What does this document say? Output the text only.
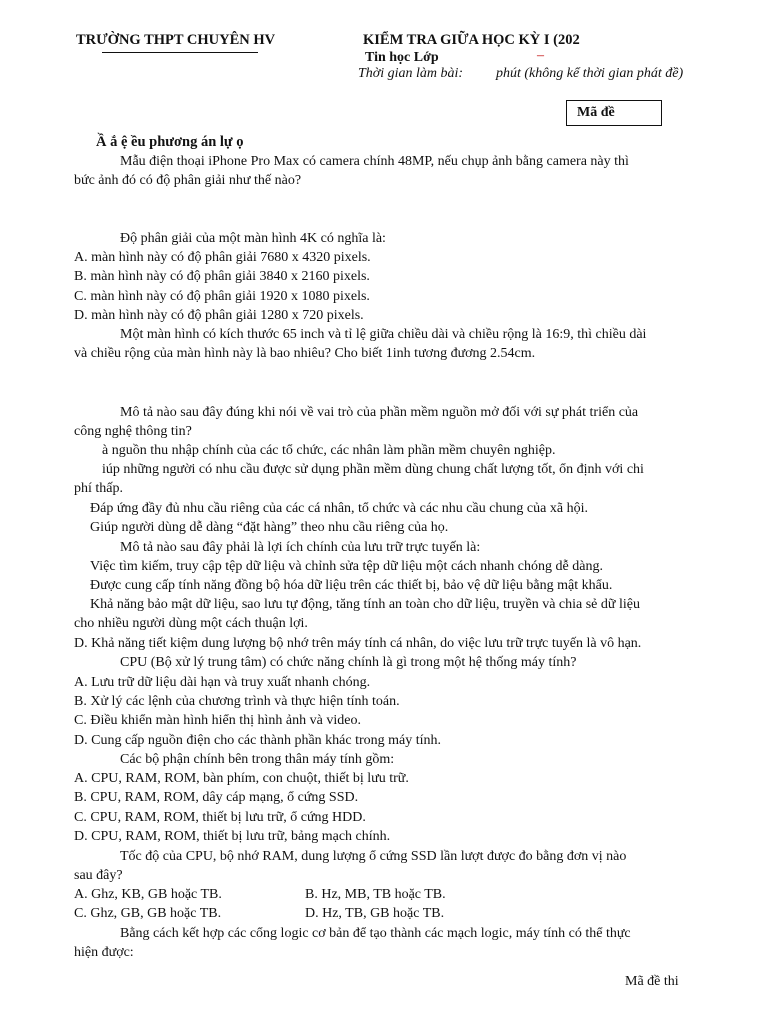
TRƯỜNG THPT CHUYÊN HV	KIỂM TRA GIỮA HỌC KỲ I (202
Tin học Lớp	–
Thời gian làm bài: phút (không kể thời gian phát đề)
Mã đề
Ầ ắ ệ ều phương án lự ọ
Mẫu điện thoại iPhone Pro Max có camera chính 48MP, nếu chụp ảnh bằng camera này thì
bức ảnh đó có độ phân giải như thế nào?
Độ phân giải của một màn hình 4K có nghĩa là:
A. màn hình này có độ phân giải 7680 x 4320 pixels.
B. màn hình này có độ phân giải 3840 x 2160 pixels.
C. màn hình này có độ phân giải 1920 x 1080 pixels.
D. màn hình này có độ phân giải 1280 x 720 pixels.
Một màn hình có kích thước 65 inch và tỉ lệ giữa chiều dài và chiều rộng là 16:9, thì chiều dài
và chiều rộng của màn hình này là bao nhiêu? Cho biết 1inh tương đương 2.54cm.
Mô tả nào sau đây đúng khi nói về vai trò của phần mềm nguồn mở đối với sự phát triển của
công nghệ thông tin?
à nguồn thu nhập chính của các tổ chức, các nhân làm phần mềm chuyên nghiệp.
iúp những người có nhu cầu được sử dụng phần mềm dùng chung chất lượng tốt, ổn định với chi
phí thấp.
Đáp ứng đầy đủ nhu cầu riêng của các cá nhân, tổ chức và các nhu cầu chung của xã hội.
Giúp người dùng dễ dàng “đặt hàng” theo nhu cầu riêng của họ.
Mô tả nào sau đây phải là lợi ích chính của lưu trữ trực tuyến là:
Việc tìm kiếm, truy cập tệp dữ liệu và chỉnh sửa tệp dữ liệu một cách nhanh chóng dễ dàng.
Được cung cấp tính năng đồng bộ hóa dữ liệu trên các thiết bị, bảo vệ dữ liệu bằng mật khẩu.
Khả năng bảo mật dữ liệu, sao lưu tự động, tăng tính an toàn cho dữ liệu, truyền và chia sẻ dữ liệu
cho nhiều người dùng một cách thuận lợi.
D. Khả năng tiết kiệm dung lượng bộ nhớ trên máy tính cá nhân, do việc lưu trữ trực tuyến là vô hạn.
CPU (Bộ xử lý trung tâm) có chức năng chính là gì trong một hệ thống máy tính?
A. Lưu trữ dữ liệu dài hạn và truy xuất nhanh chóng.
B. Xử lý các lệnh của chương trình và thực hiện tính toán.
C. Điều khiển màn hình hiển thị hình ảnh và video.
D. Cung cấp nguồn điện cho các thành phần khác trong máy tính.
Các bộ phận chính bên trong thân máy tính gồm:
A. CPU, RAM, ROM, bàn phím, con chuột, thiết bị lưu trữ.
B. CPU, RAM, ROM, dây cáp mạng, ổ cứng SSD.
C. CPU, RAM, ROM, thiết bị lưu trữ, ổ cứng HDD.
D. CPU, RAM, ROM, thiết bị lưu trữ, bảng mạch chính.
Tốc độ của CPU, bộ nhớ RAM, dung lượng ổ cứng SSD lần lượt được đo bằng đơn vị nào
sau đây?
A. Ghz, KB, GB hoặc TB.	B. Hz, MB, TB hoặc TB.
C. Ghz, GB, GB hoặc TB.	D. Hz, TB, GB hoặc TB.
Bằng cách kết hợp các cổng logic cơ bản để tạo thành các mạch logic, máy tính có thể thực
hiện được:
Mã đề thi
